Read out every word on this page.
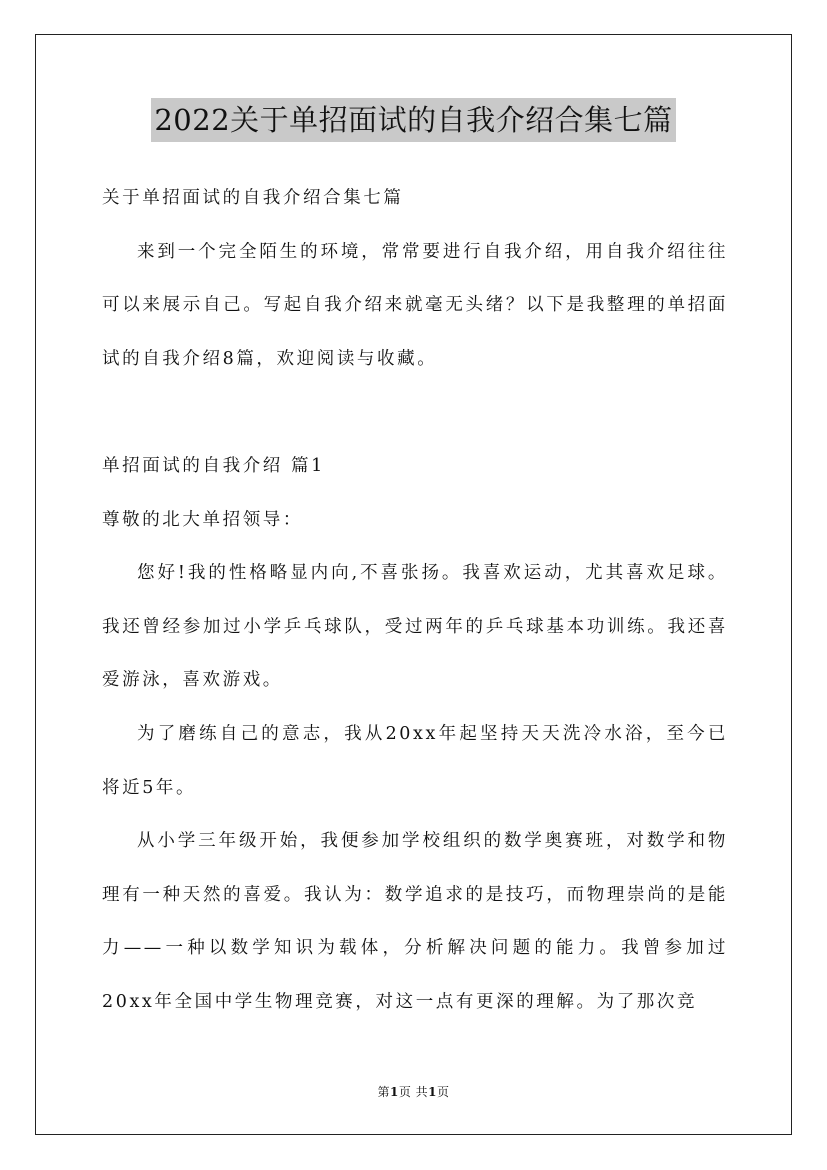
2022关于单招面试的自我介绍合集七篇

关于单招面试的自我介绍合集七篇

来到一个完全陌生的环境，常常要进行自我介绍，用自我介绍往往可以来展示自己。写起自我介绍来就毫无头绪？以下是我整理的单招面试的自我介绍8篇，欢迎阅读与收藏。

单招面试的自我介绍 篇1

尊敬的北大单招领导：

您好!我的性格略显内向,不喜张扬。我喜欢运动，尤其喜欢足球。我还曾经参加过小学乒乓球队，受过两年的乒乓球基本功训练。我还喜爱游泳，喜欢游戏。

为了磨练自己的意志，我从20xx年起坚持天天洗冷水浴，至今已将近5年。

从小学三年级开始，我便参加学校组织的数学奥赛班，对数学和物理有一种天然的喜爱。我认为：数学追求的是技巧，而物理崇尚的是能力——一种以数学知识为载体，分析解决问题的能力。我曾参加过20xx年全国中学生物理竞赛，对这一点有更深的理解。为了那次竞

第1页 共1页
